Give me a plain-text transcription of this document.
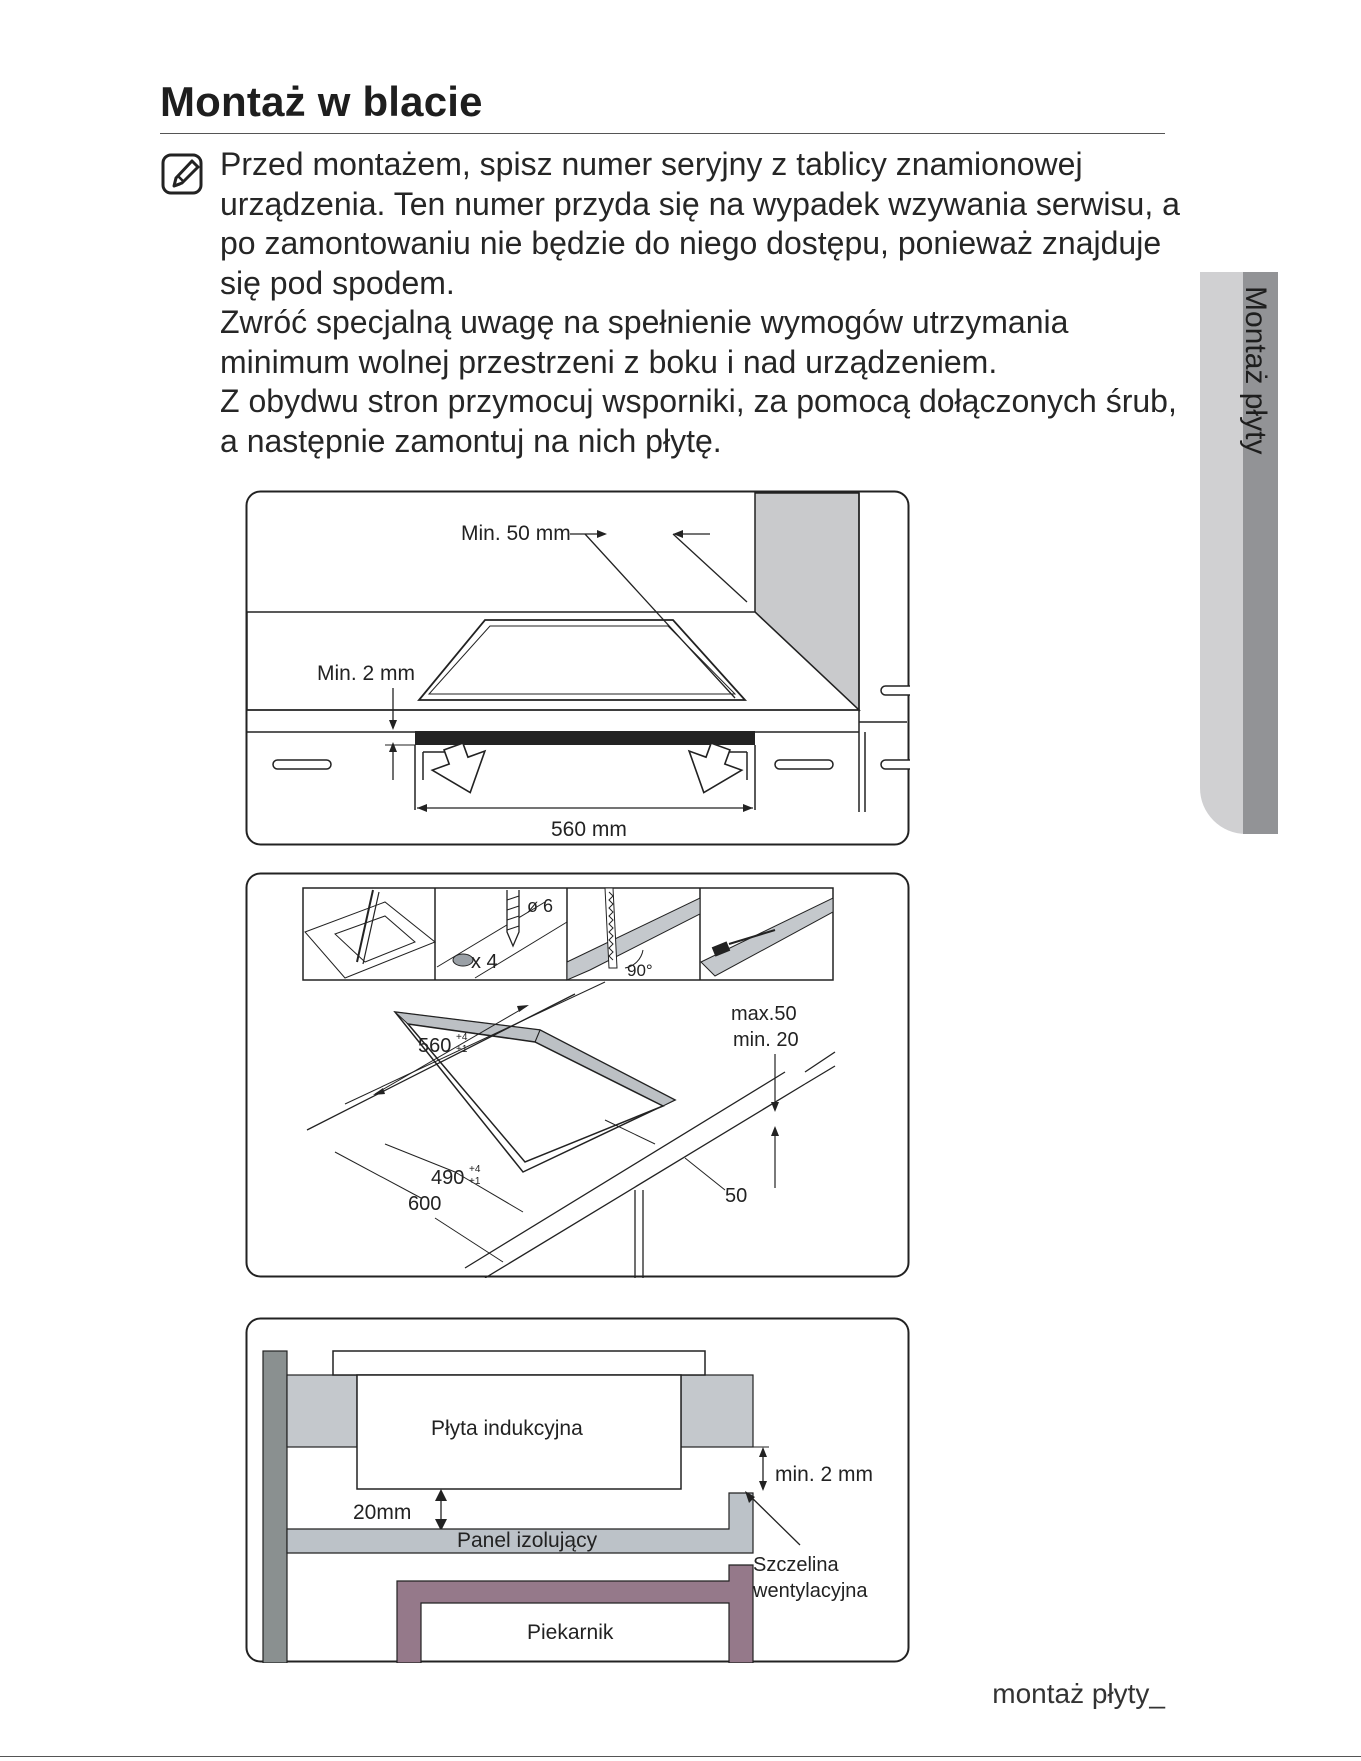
Montaż w blacie

Przed montażem, spisz numer seryjny z tablicy znamionowej urządzenia. Ten numer przyda się na wypadek wzywania serwisu, a po zamontowaniu nie będzie do niego dostępu, ponieważ znajduje się pod spodem.

Zwróć specjalną uwagę na spełnienie wymogów utrzymania minimum wolnej przestrzeni z boku i nad urządzeniem.

Z obydwu stron przymocuj wsporniki, za pomocą dołączonych śrub, a następnie zamontuj na nich płytę.	Montaż płyty
Min. 50 mm
Min. 2 mm
560 mm
ø 6
x 4	90°
560 +4
+1
490 +4
+1
600	50
max.50
min. 20
Płyta indukcyjna
min. 2 mm
20mm
Panel izolujący
Szczelina
wentylacyjna
Piekarnik
montaż płyty_
